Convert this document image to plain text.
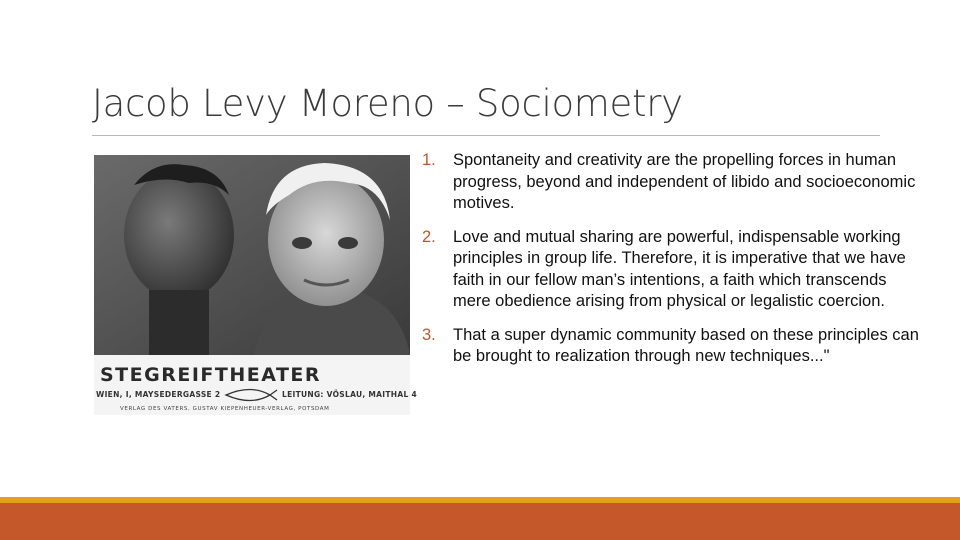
Jacob Levy Moreno – Sociometry
STEGREIFTHEATER
WIEN, I, MAYSEDERGASSE 2	LEITUNG: VÖSLAU, MAITHAL 4
VERLAG DES VATERS, GUSTAV KIEPENHEUER-VERLAG, POTSDAM
1. Spontaneity and creativity are the propelling forces in human progress, beyond and independent of libido and socioeconomic motives.
2. Love and mutual sharing are powerful, indispensable working principles in group life. Therefore, it is imperative that we have faith in our fellow man’s intentions, a faith which transcends mere obedience arising from physical or legalistic coercion.
3. That a super dynamic community based on these principles can be brought to realization through new techniques..."
